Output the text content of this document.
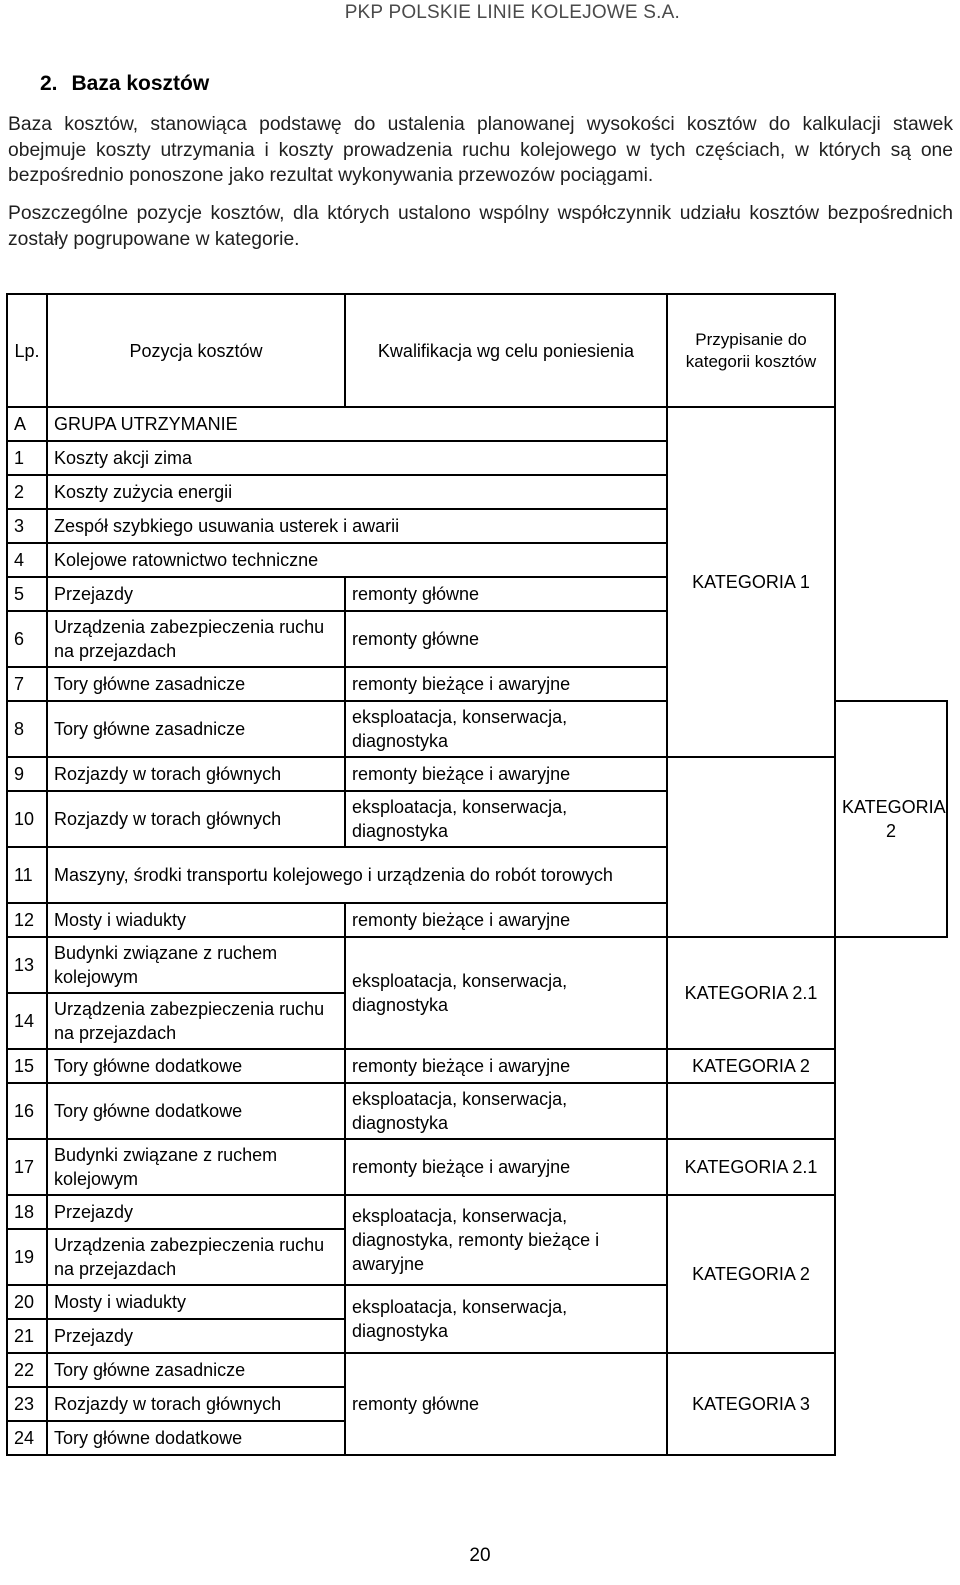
PKP POLSKIE LINIE KOLEJOWE S.A.
2. Baza kosztów
Baza kosztów, stanowiąca podstawę do ustalenia planowanej wysokości kosztów do kalkulacji stawek obejmuje koszty utrzymania i koszty prowadzenia ruchu kolejowego w tych częściach, w których są one bezpośrednio ponoszone jako rezultat wykonywania przewozów pociągami.
Poszczególne pozycje kosztów, dla których ustalono wspólny współczynnik udziału kosztów bezpośrednich zostały pogrupowane w kategorie.
Lp.	Pozycja kosztów	Kwalifikacja wg celu poniesienia	Przypisanie do kategorii kosztów	
A	GRUPA UTRZYMANIE		KATEGORIA 1	
1	Koszty akcji zima			
2	Koszty zużycia energii			
3	Zespół szybkiego usuwania usterek i awarii			
4	Kolejowe ratownictwo techniczne			
5	Przejazdy	remonty główne		
6	Urządzenia zabezpieczenia ruchu na przejazdach	remonty główne		
7	Tory główne zasadnicze	remonty bieżące i awaryjne		
8	Tory główne zasadnicze	eksploatacja, konserwacja, diagnostyka		KATEGORIA 2
9	Rozjazdy w torach głównych	remonty bieżące i awaryjne		
10	Rozjazdy w torach głównych	eksploatacja, konserwacja, diagnostyka		
11	Maszyny, środki transportu kolejowego i urządzenia do robót torowych			
12	Mosty i wiadukty	remonty bieżące i awaryjne		
13	Budynki związane z ruchem kolejowym	eksploatacja, konserwacja, diagnostyka	KATEGORIA 2.1	
14	Urządzenia zabezpieczenia ruchu na przejazdach			
15	Tory główne dodatkowe	remonty bieżące i awaryjne	KATEGORIA 2	
16	Tory główne dodatkowe	eksploatacja, konserwacja, diagnostyka		
17	Budynki związane z ruchem kolejowym	remonty bieżące i awaryjne	KATEGORIA 2.1	
18	Przejazdy	eksploatacja, konserwacja, diagnostyka, remonty bieżące i awaryjne	KATEGORIA 2	
19	Urządzenia zabezpieczenia ruchu na przejazdach			
20	Mosty i wiadukty	eksploatacja, konserwacja, diagnostyka		
21	Przejazdy			
22	Tory główne zasadnicze	remonty główne	KATEGORIA 3	
23	Rozjazdy w torach głównych			
24	Tory główne dodatkowe			
20
